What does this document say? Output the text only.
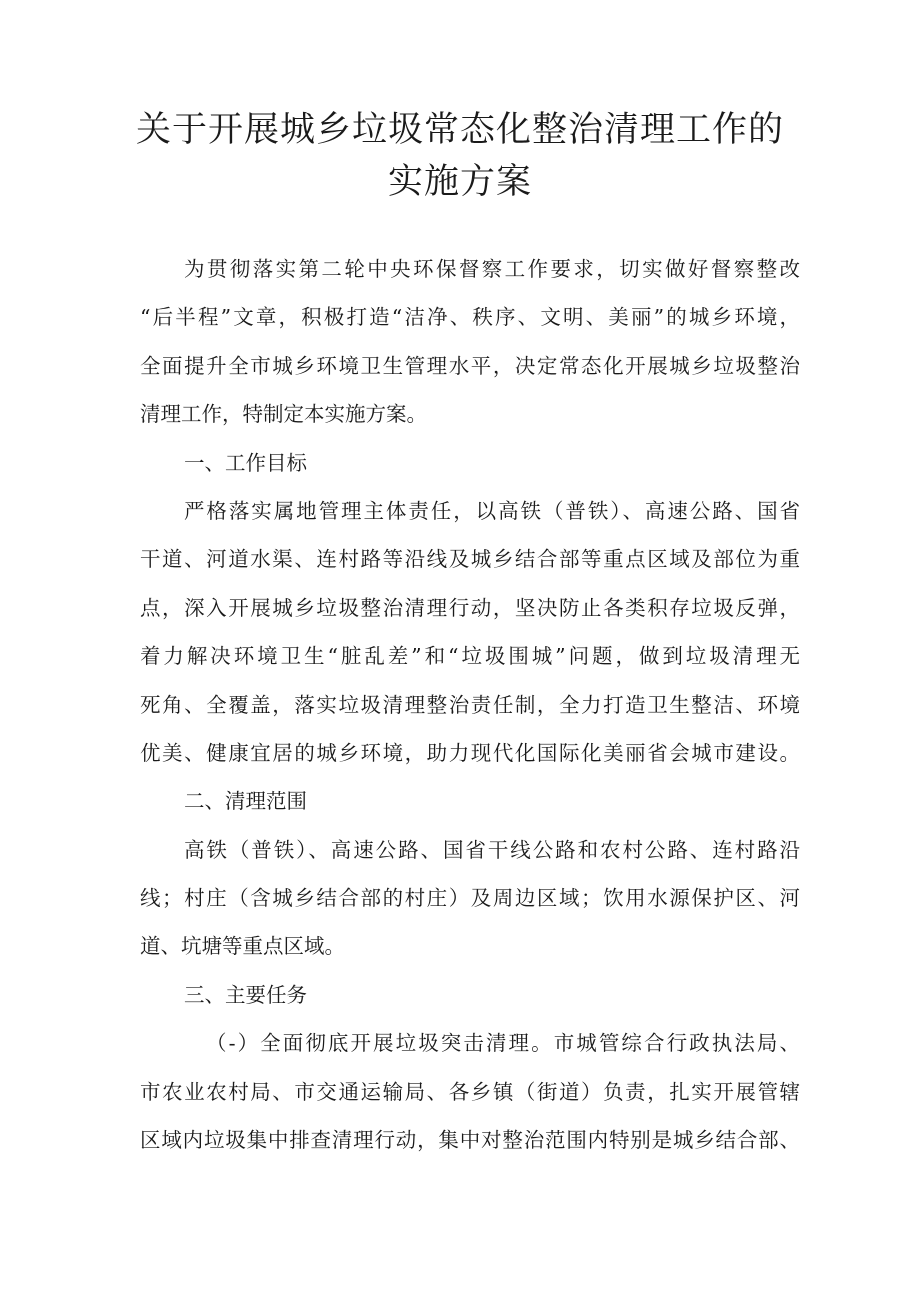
关于开展城乡垃圾常态化整治清理工作的
实施方案
为贯彻落实第二轮中央环保督察工作要求，切实做好督察整改
“后半程”文章，积极打造“洁净、秩序、文明、美丽”的城乡环境，
全面提升全市城乡环境卫生管理水平，决定常态化开展城乡垃圾整治
清理工作，特制定本实施方案。
一、工作目标
严格落实属地管理主体责任，以高铁（普铁）、高速公路、国省
干道、河道水渠、连村路等沿线及城乡结合部等重点区域及部位为重
点，深入开展城乡垃圾整治清理行动，坚决防止各类积存垃圾反弹，
着力解决环境卫生“脏乱差”和“垃圾围城”问题，做到垃圾清理无
死角、全覆盖，落实垃圾清理整治责任制，全力打造卫生整洁、环境
优美、健康宜居的城乡环境，助力现代化国际化美丽省会城市建设。
二、清理范围
高铁（普铁）、高速公路、国省干线公路和农村公路、连村路沿
线；村庄（含城乡结合部的村庄）及周边区域；饮用水源保护区、河
道、坑塘等重点区域。
三、主要任务
（-）全面彻底开展垃圾突击清理。市城管综合行政执法局、
市农业农村局、市交通运输局、各乡镇（街道）负责，扎实开展管辖
区域内垃圾集中排查清理行动，集中对整治范围内特别是城乡结合部、
